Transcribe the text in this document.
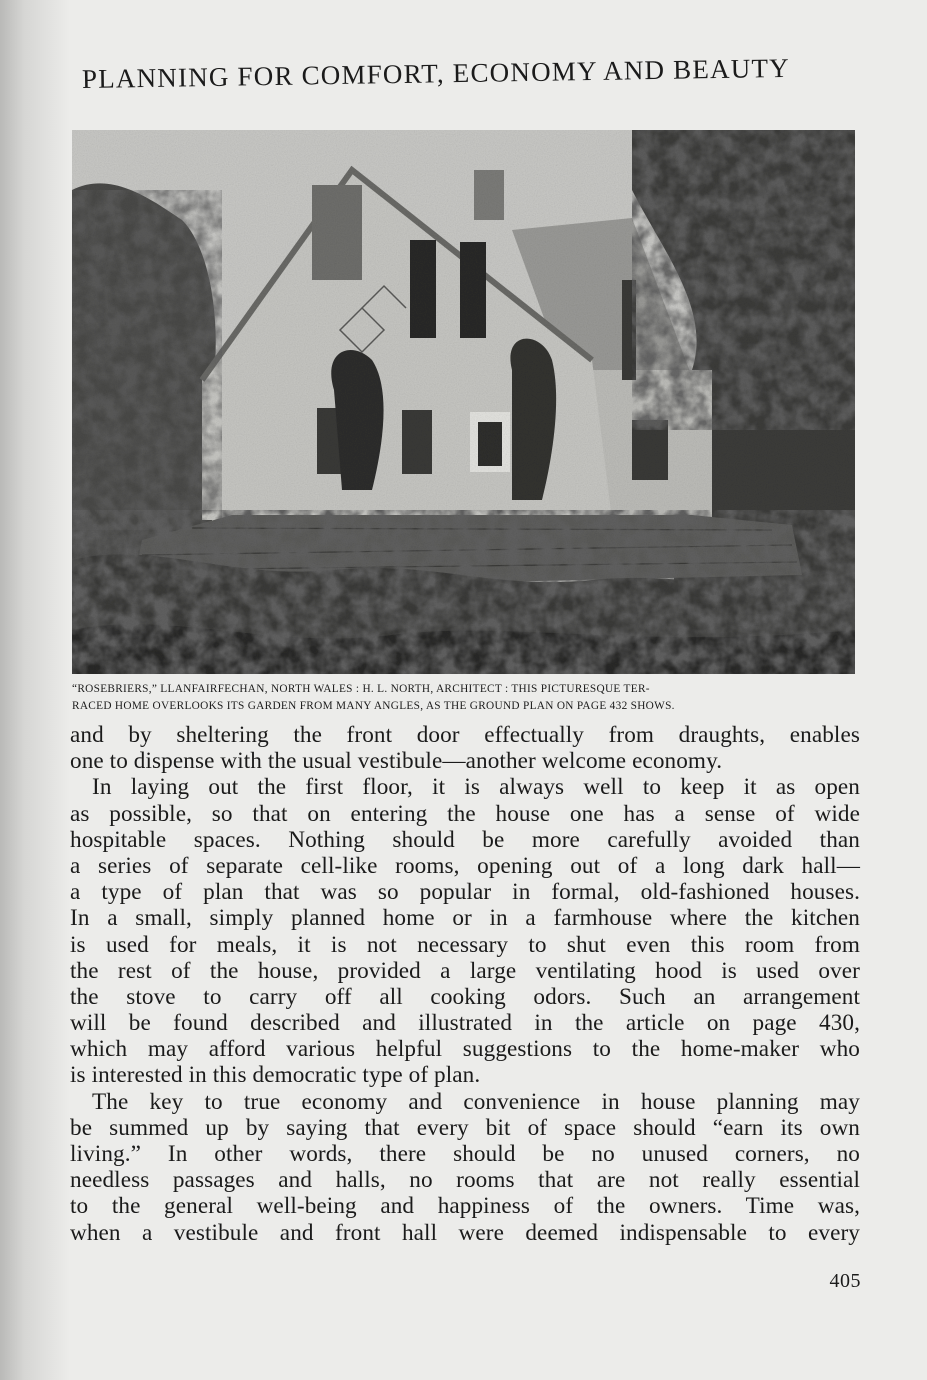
PLANNING FOR COMFORT, ECONOMY AND BEAUTY
“ROSEBRIERS,” LLANFAIRFECHAN, NORTH WALES : H. L. NORTH, ARCHITECT : THIS PICTURESQUE TER-
RACED HOME OVERLOOKS ITS GARDEN FROM MANY ANGLES, AS THE GROUND PLAN ON PAGE 432 SHOWS.
and by sheltering the front door effectually from draughts, enables
one to dispense with the usual vestibule—another welcome economy.
In laying out the first floor, it is always well to keep it as open
as possible, so that on entering the house one has a sense of wide
hospitable spaces. Nothing should be more carefully avoided than
a series of separate cell-like rooms, opening out of a long dark hall—
a type of plan that was so popular in formal, old-fashioned houses.
In a small, simply planned home or in a farmhouse where the kitchen
is used for meals, it is not necessary to shut even this room from
the rest of the house, provided a large ventilating hood is used over
the stove to carry off all cooking odors. Such an arrangement
will be found described and illustrated in the article on page 430,
which may afford various helpful suggestions to the home-maker who
is interested in this democratic type of plan.
The key to true economy and convenience in house planning may
be summed up by saying that every bit of space should “earn its own
living.” In other words, there should be no unused corners, no
needless passages and halls, no rooms that are not really essential
to the general well-being and happiness of the owners. Time was,
when a vestibule and front hall were deemed indispensable to every
405
